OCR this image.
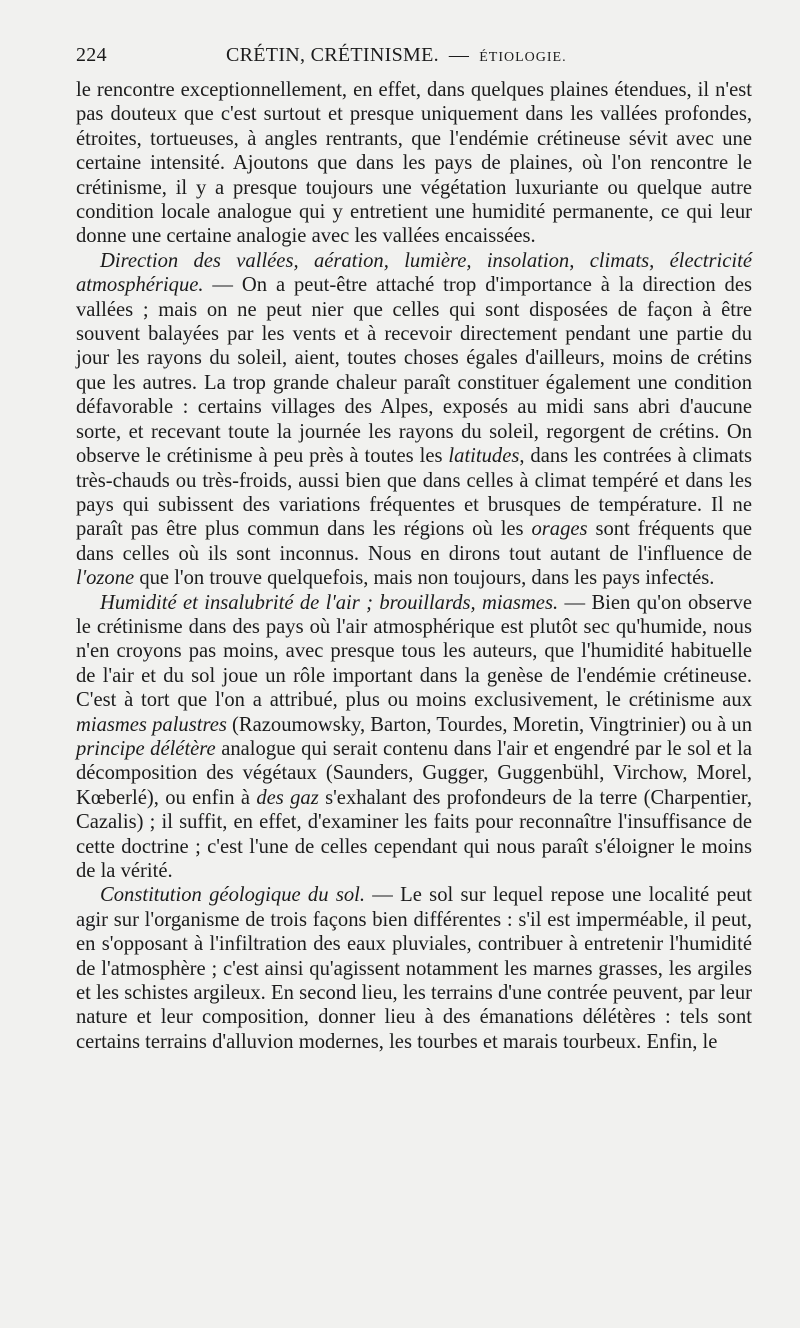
224	CRÉTIN, CRÉTINISME. — ÉTIOLOGIE.

le rencontre exceptionnellement, en effet, dans quelques plaines étendues, il n'est pas douteux que c'est surtout et presque uniquement dans les vallées profondes, étroites, tortueuses, à angles rentrants, que l'endémie crétineuse sévit avec une certaine intensité. Ajoutons que dans les pays de plaines, où l'on rencontre le crétinisme, il y a presque toujours une végétation luxuriante ou quelque autre condition locale analogue qui y entretient une humidité permanente, ce qui leur donne une certaine analogie avec les vallées encaissées.

Direction des vallées, aération, lumière, insolation, climats, électricité atmosphérique. — On a peut-être attaché trop d'importance à la direction des vallées ; mais on ne peut nier que celles qui sont disposées de façon à être souvent balayées par les vents et à recevoir directement pendant une partie du jour les rayons du soleil, aient, toutes choses égales d'ailleurs, moins de crétins que les autres. La trop grande chaleur paraît constituer également une condition défavorable : certains villages des Alpes, exposés au midi sans abri d'aucune sorte, et recevant toute la journée les rayons du soleil, regorgent de crétins. On observe le crétinisme à peu près à toutes les latitudes, dans les contrées à climats très-chauds ou très-froids, aussi bien que dans celles à climat tempéré et dans les pays qui subissent des variations fréquentes et brusques de température. Il ne paraît pas être plus commun dans les régions où les orages sont fréquents que dans celles où ils sont inconnus. Nous en dirons tout autant de l'influence de l'ozone que l'on trouve quelquefois, mais non toujours, dans les pays infectés.

Humidité et insalubrité de l'air ; brouillards, miasmes. — Bien qu'on observe le crétinisme dans des pays où l'air atmosphérique est plutôt sec qu'humide, nous n'en croyons pas moins, avec presque tous les auteurs, que l'humidité habituelle de l'air et du sol joue un rôle important dans la genèse de l'endémie crétineuse. C'est à tort que l'on a attribué, plus ou moins exclusivement, le crétinisme aux miasmes palustres (Razoumowsky, Barton, Tourdes, Moretin, Vingtrinier) ou à un principe délétère analogue qui serait contenu dans l'air et engendré par le sol et la décomposition des végétaux (Saunders, Gugger, Guggenbühl, Virchow, Morel, Kœberlé), ou enfin à des gaz s'exhalant des profondeurs de la terre (Charpentier, Cazalis) ; il suffit, en effet, d'examiner les faits pour reconnaître l'insuffisance de cette doctrine ; c'est l'une de celles cependant qui nous paraît s'éloigner le moins de la vérité.

Constitution géologique du sol. — Le sol sur lequel repose une localité peut agir sur l'organisme de trois façons bien différentes : s'il est imperméable, il peut, en s'opposant à l'infiltration des eaux pluviales, contribuer à entretenir l'humidité de l'atmosphère ; c'est ainsi qu'agissent notamment les marnes grasses, les argiles et les schistes argileux. En second lieu, les terrains d'une contrée peuvent, par leur nature et leur composition, donner lieu à des émanations délétères : tels sont certains terrains d'alluvion modernes, les tourbes et marais tourbeux. Enfin, le
